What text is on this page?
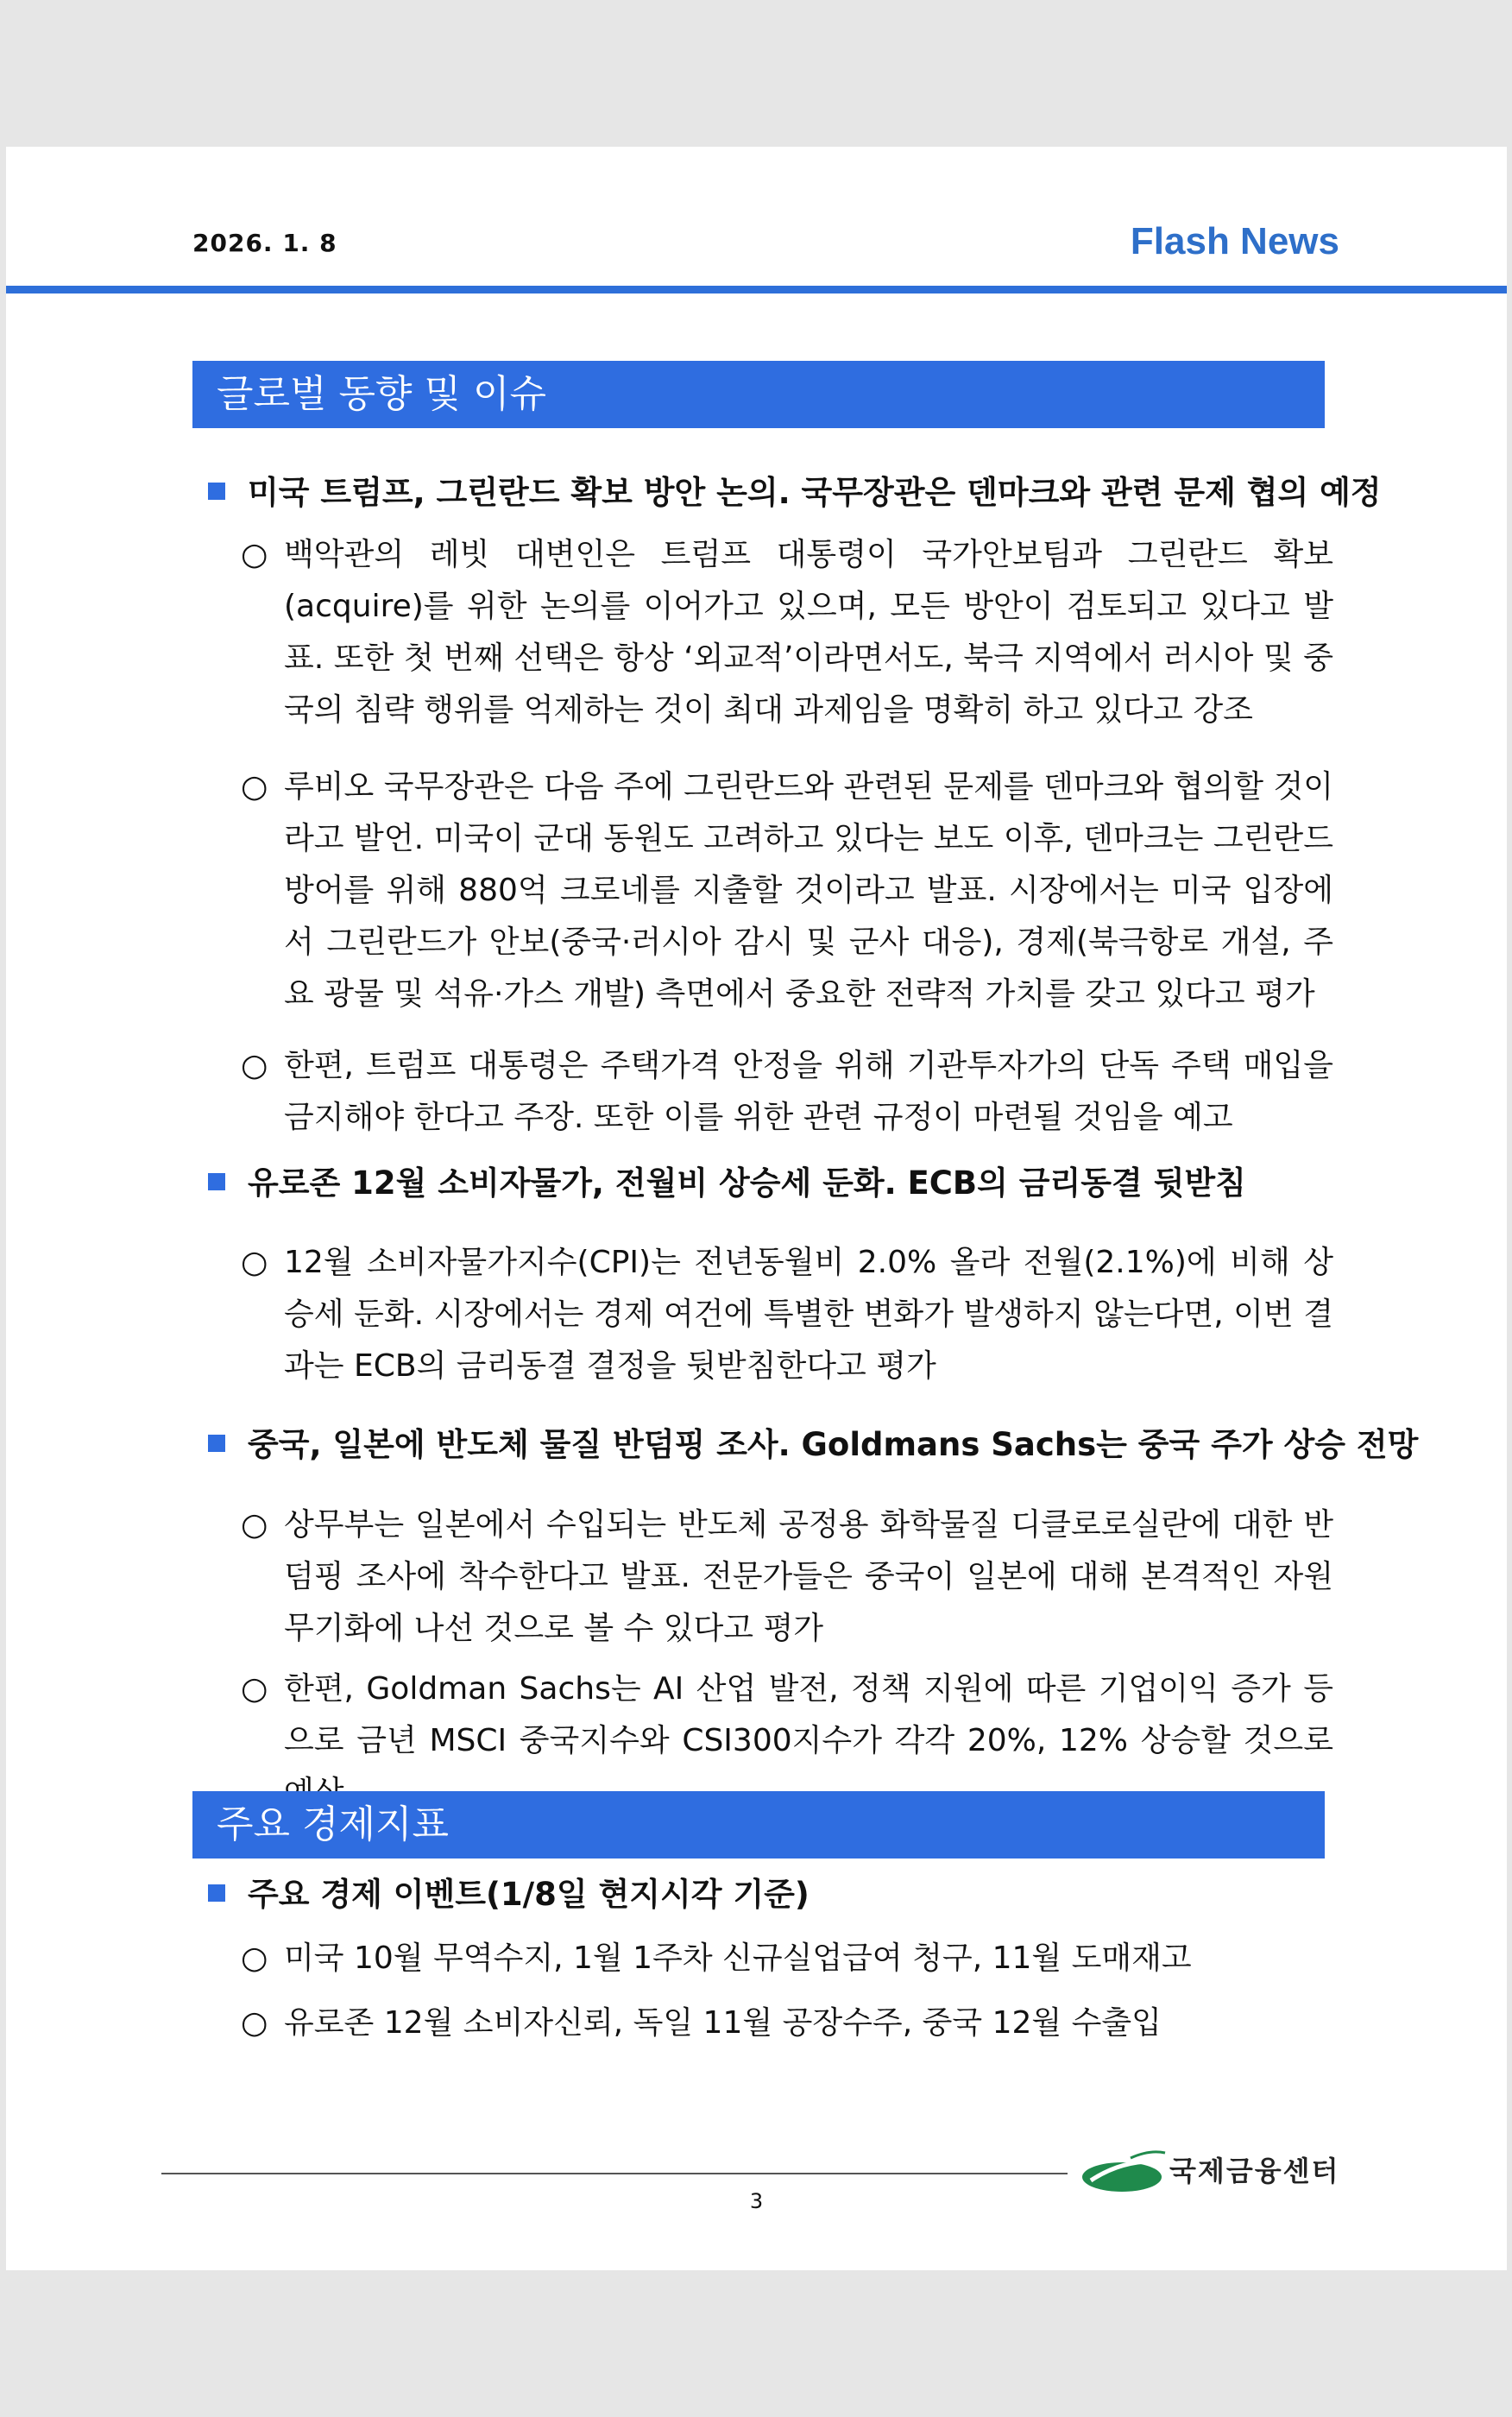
2026. 1. 8	Flash News
글로벌 동향 및 이슈
미국 트럼프, 그린란드 확보 방안 논의. 국무장관은 덴마크와 관련 문제 협의 예정
○ 백악관의 레빗 대변인은 트럼프 대통령이 국가안보팀과 그린란드 확보(acquire)를 위한 논의를 이어가고 있으며, 모든 방안이 검토되고 있다고 발표. 또한 첫 번째 선택은 항상 ‘외교적’이라면서도, 북극 지역에서 러시아 및 중국의 침략 행위를 억제하는 것이 최대 과제임을 명확히 하고 있다고 강조
○ 루비오 국무장관은 다음 주에 그린란드와 관련된 문제를 덴마크와 협의할 것이라고 발언. 미국이 군대 동원도 고려하고 있다는 보도 이후, 덴마크는 그린란드 방어를 위해 880억 크로네를 지출할 것이라고 발표. 시장에서는 미국 입장에서 그린란드가 안보(중국·러시아 감시 및 군사 대응), 경제(북극항로 개설, 주요 광물 및 석유·가스 개발) 측면에서 중요한 전략적 가치를 갖고 있다고 평가
○ 한편, 트럼프 대통령은 주택가격 안정을 위해 기관투자가의 단독 주택 매입을 금지해야 한다고 주장. 또한 이를 위한 관련 규정이 마련될 것임을 예고
유로존 12월 소비자물가, 전월비 상승세 둔화. ECB의 금리동결 뒷받침
○ 12월 소비자물가지수(CPI)는 전년동월비 2.0% 올라 전월(2.1%)에 비해 상승세 둔화. 시장에서는 경제 여건에 특별한 변화가 발생하지 않는다면, 이번 결과는 ECB의 금리동결 결정을 뒷받침한다고 평가
중국, 일본에 반도체 물질 반덤핑 조사. Goldmans Sachs는 중국 주가 상승 전망
○ 상무부는 일본에서 수입되는 반도체 공정용 화학물질 디클로로실란에 대한 반덤핑 조사에 착수한다고 발표. 전문가들은 중국이 일본에 대해 본격적인 자원 무기화에 나선 것으로 볼 수 있다고 평가
○ 한편, Goldman Sachs는 AI 산업 발전, 정책 지원에 따른 기업이익 증가 등으로 금년 MSCI 중국지수와 CSI300지수가 각각 20%, 12% 상승할 것으로
주요 경제지표
주요 경제 이벤트(1/8일 현지시각 기준)
○ 미국 10월 무역수지, 1월 1주차 신규실업급여 청구, 11월 도매재고
○ 유로존 12월 소비자신뢰, 독일 11월 공장수주, 중국 12월 수출입
국제금융센터
3
